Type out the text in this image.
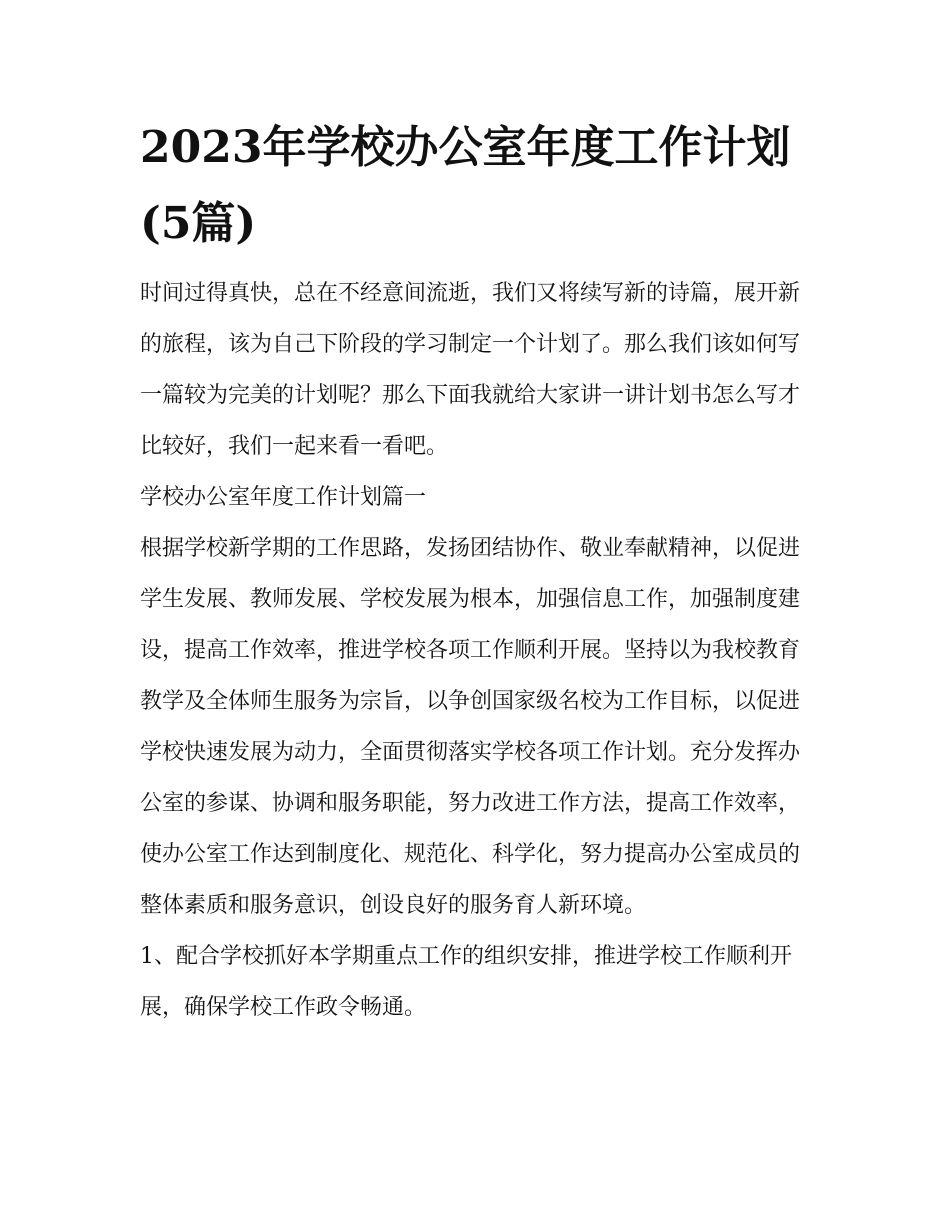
2023年学校办公室年度工作计划(5篇)

时间过得真快，总在不经意间流逝，我们又将续写新的诗篇，展开新的旅程，该为自己下阶段的学习制定一个计划了。那么我们该如何写一篇较为完美的计划呢？那么下面我就给大家讲一讲计划书怎么写才比较好，我们一起来看一看吧。

学校办公室年度工作计划篇一

根据学校新学期的工作思路，发扬团结协作、敬业奉献精神，以促进学生发展、教师发展、学校发展为根本，加强信息工作，加强制度建设，提高工作效率，推进学校各项工作顺利开展。坚持以为我校教育教学及全体师生服务为宗旨，以争创国家级名校为工作目标，以促进学校快速发展为动力，全面贯彻落实学校各项工作计划。充分发挥办公室的参谋、协调和服务职能，努力改进工作方法，提高工作效率，使办公室工作达到制度化、规范化、科学化，努力提高办公室成员的整体素质和服务意识，创设良好的服务育人新环境。

1、配合学校抓好本学期重点工作的组织安排，推进学校工作顺利开展，确保学校工作政令畅通。
